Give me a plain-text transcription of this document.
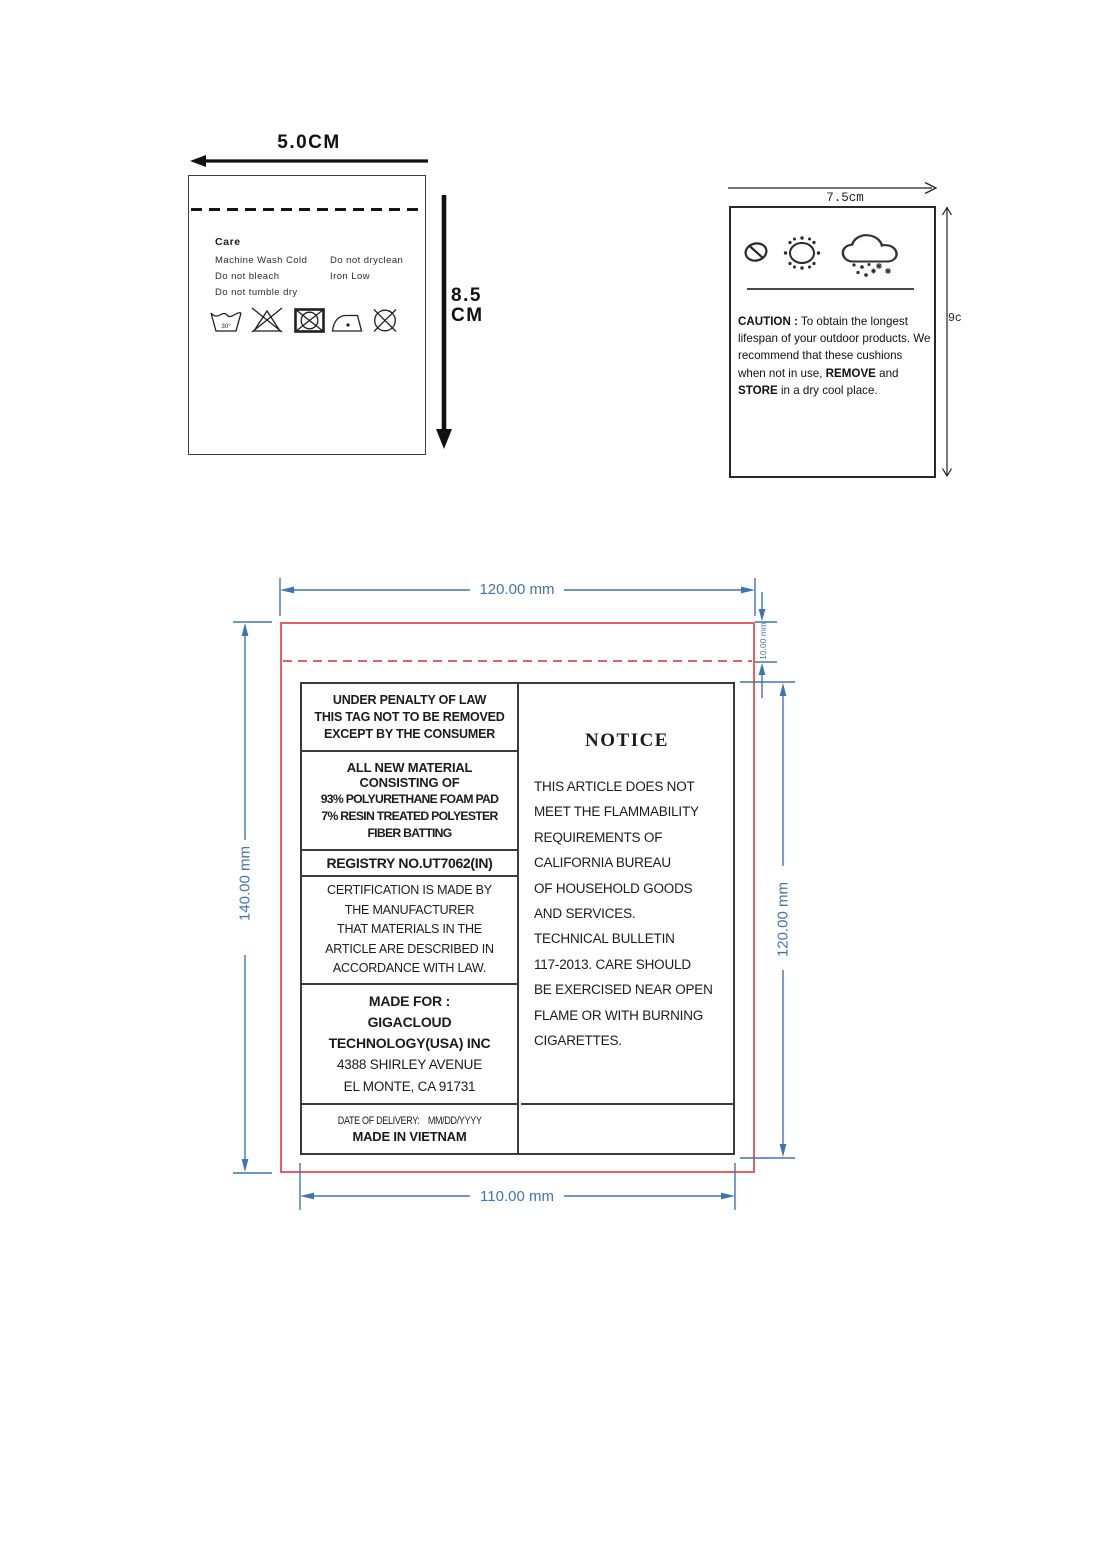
5.0CM
Care
Machine Wash Cold Do not dryclean
Do not bleach	Iron Low
Do not tumble dry
30°
8.5
CM
7.5cm
CAUTION : To obtain the longest lifespan of your outdoor products. We recommend that these cushions when not in use, REMOVE and STORE in a dry cool place.
9c
120.00 mm
140.00 mm	120.00 mm
10.00 mm
110.00 mm
UNDER PENALTY OF LAW
THIS TAG NOT TO BE REMOVED
EXCEPT BY THE CONSUMER
ALL NEW MATERIAL
CONSISTING OF
93% POLYURETHANE FOAM PAD
7% RESIN TREATED POLYESTER
FIBER BATTING
REGISTRY NO.UT7062(IN)
CERTIFICATION IS MADE BY
THE MANUFACTURER
THAT MATERIALS IN THE
ARTICLE ARE DESCRIBED IN
ACCORDANCE WITH LAW.
MADE FOR :
GIGACLOUD
TECHNOLOGY(USA) INC
4388 SHIRLEY AVENUE
EL MONTE, CA 91731
DATE OF DELIVERY: MM/DD/YYYY
MADE IN VIETNAM
NOTICE
THIS ARTICLE DOES NOT
MEET THE FLAMMABILITY
REQUIREMENTS OF
CALIFORNIA BUREAU
OF HOUSEHOLD GOODS
AND SERVICES.
TECHNICAL BULLETIN
117-2013. CARE SHOULD
BE EXERCISED NEAR OPEN
FLAME OR WITH BURNING
CIGARETTES.
